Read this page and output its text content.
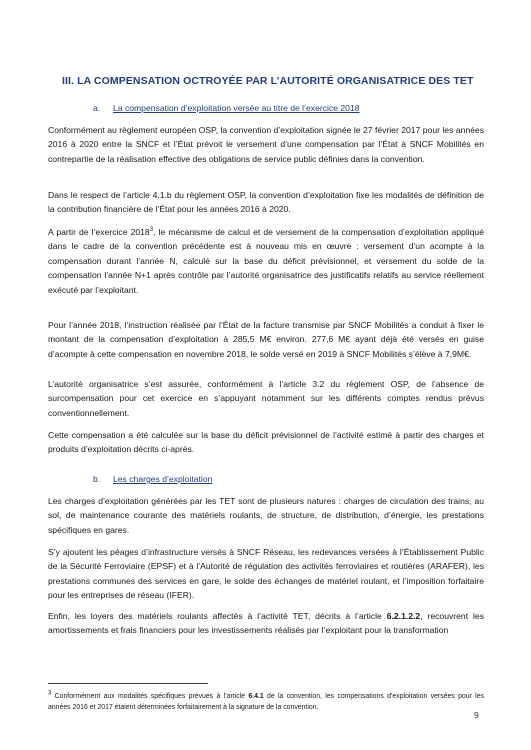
III. LA COMPENSATION OCTROYÉE PAR L’AUTORITÉ ORGANISATRICE DES TET
a. La compensation d’exploitation versée au titre de l’exercice 2018

Conformément au règlement européen OSP, la convention d’exploitation signée le 27 février 2017 pour les années 2016 à 2020 entre la SNCF et l’État prévoit le versement d’une compensation par l’État à SNCF Mobilités en contrepartie de la réalisation effective des obligations de service public définies dans la convention.

Dans le respect de l’article 4.1.b du règlement OSP, la convention d’exploitation fixe les modalités de définition de la contribution financière de l’État pour les années 2016 à 2020.

A partir de l’exercice 2018$^3$, le mécanisme de calcul et de versement de la compensation d’exploitation appliqué dans le cadre de la convention précédente est à nouveau mis en œuvre : versement d’un acompte à la compensation durant l’année N, calculé sur la base du déficit prévisionnel, et versement du solde de la compensation l’année N+1 après contrôle par l’autorité organisatrice des justificatifs relatifs au service réellement exécuté par l’exploitant.

Pour l’année 2018, l’instruction réalisée par l’État de la facture transmise par SNCF Mobilités a conduit à fixer le montant de la compensation d’exploitation à 285,5 M€ environ. 277,6 M€ ayant déjà été versés en guise d’acompte à cette compensation en novembre 2018, le solde versé en 2019 à SNCF Mobilités s’élève à 7,9M€.

L’autorité organisatrice s’est assurée, conformément à l’article 3.2 du règlement OSP, de l’absence de surcompensation pour cet exercice en s’appuyant notamment sur les différents comptes rendus prévus conventionnellement.

Cette compensation a été calculée sur la base du déficit prévisionnel de l’activité estimé à partir des charges et produits d’exploitation décrits ci-après.

b. Les charges d’exploitation

Les charges d’exploitation générées par les TET sont de plusieurs natures : charges de circulation des trains, au sol, de maintenance courante des matériels roulants, de structure, de distribution, d’énergie, les prestations spécifiques en gares.

S’y ajoutent les péages d’infrastructure versés à SNCF Réseau, les redevances versées à l’Établissement Public de la Sécurité Ferroviaire (EPSF) et à l’Autorité de régulation des activités ferroviaires et routières (ARAFER), les prestations communes des services en gare, le solde des échanges de matériel roulant, et l’imposition forfaitaire pour les entreprises de réseau (IFER).

Enfin, les loyers des matériels roulants affectés à l’activité TET, décrits à l’article 6.2.1.2.2, recouvrent les amortissements et frais financiers pour les investissements réalisés par l’exploitant pour la transformation

$^3$ Conformément aux modalités spécifiques prévues à l’article 6.4.1 de la convention, les compensations d’exploitation versées pour les années 2016 et 2017 étaient déterminées forfaitairement à la signature de la convention.

9
